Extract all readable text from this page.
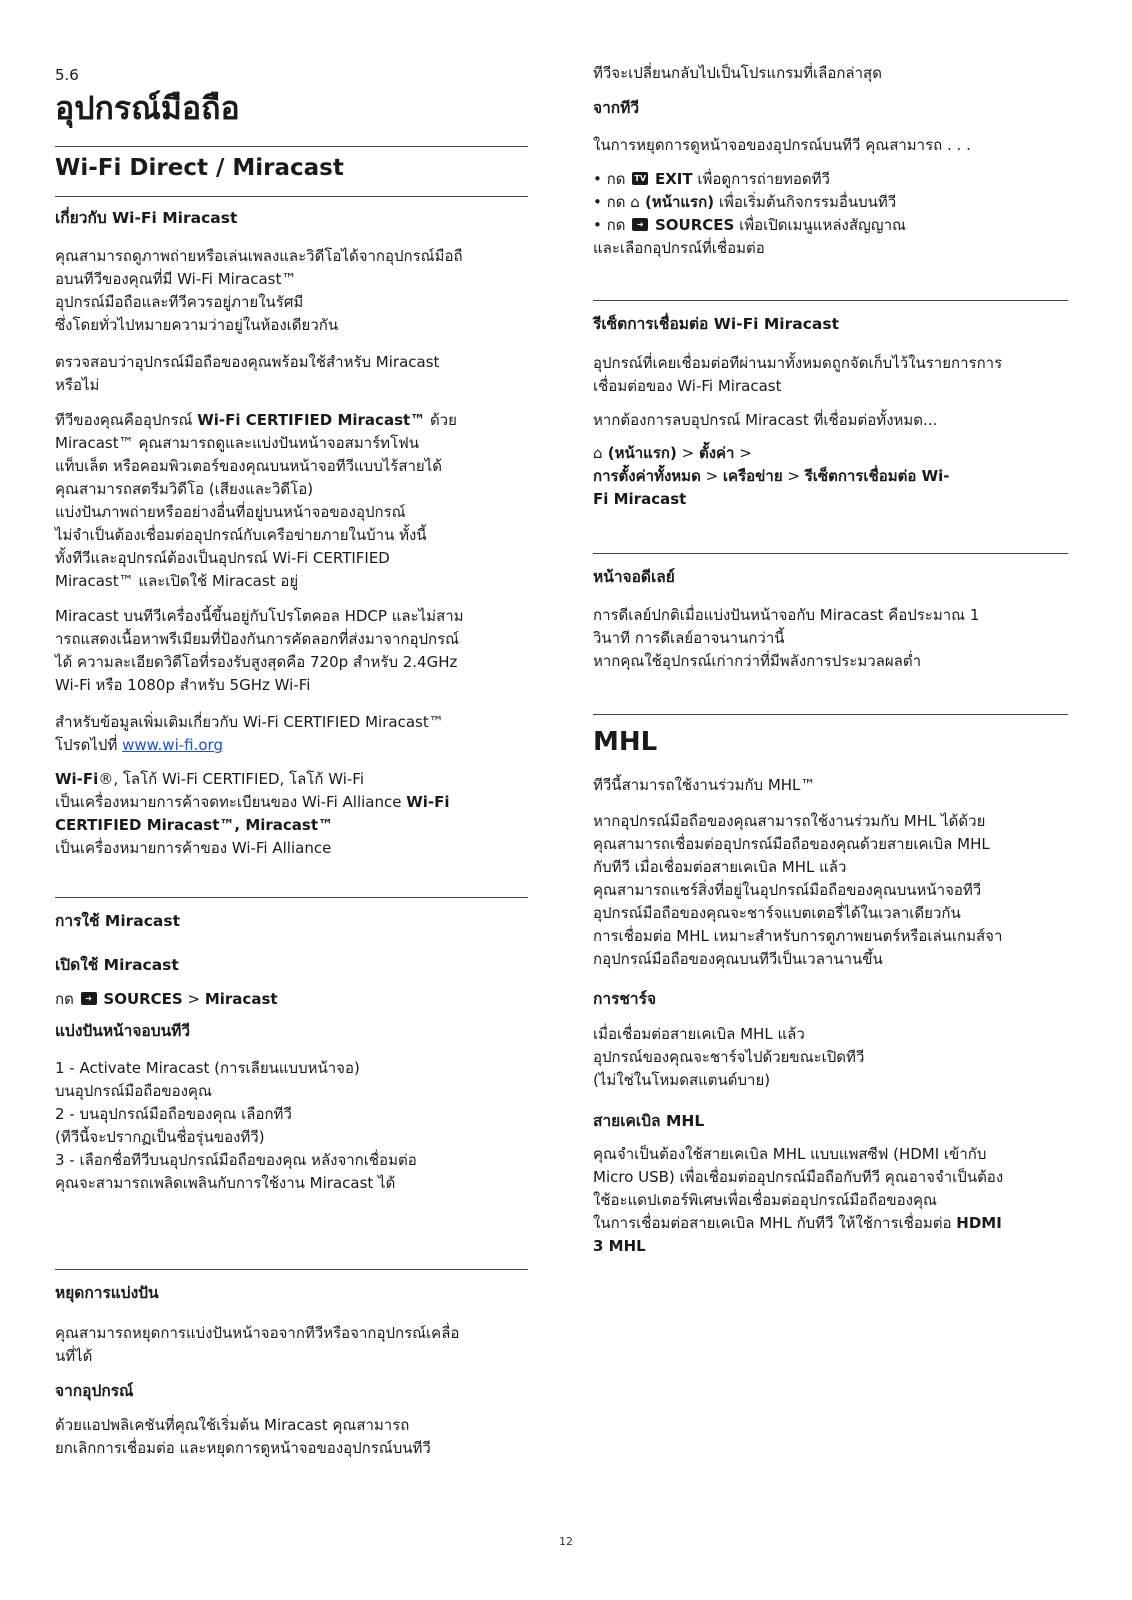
5.6
อุปกรณ์มือถือ
Wi-Fi Direct / Miracast
เกี่ยวกับ Wi-Fi Miracast

คุณสามารถดูภาพถ่ายหรือเล่นเพลงและวิดีโอได้จากอุปกรณ์มือถื

อบนทีวีของคุณที่มี Wi-Fi Miracast™

อุปกรณ์มือถือและทีวีควรอยู่ภายในรัศมี

ซึ่งโดยทั่วไปหมายความว่าอยู่ในห้องเดียวกัน

ตรวจสอบว่าอุปกรณ์มือถือของคุณพร้อมใช้สำหรับ Miracast

หรือไม่

ทีวีของคุณคืออุปกรณ์ Wi-Fi CERTIFIED Miracast™ ด้วย

Miracast™ คุณสามารถดูและแบ่งปันหน้าจอสมาร์ทโฟน

แท็บเล็ต หรือคอมพิวเตอร์ของคุณบนหน้าจอทีวีแบบไร้สายได้

คุณสามารถสตรีมวิดีโอ (เสียงและวิดีโอ)

แบ่งปันภาพถ่ายหรืออย่างอื่นที่อยู่บนหน้าจอของอุปกรณ์

ไม่จำเป็นต้องเชื่อมต่ออุปกรณ์กับเครือข่ายภายในบ้าน ทั้งนี้

ทั้งทีวีและอุปกรณ์ต้องเป็นอุปกรณ์ Wi-Fi CERTIFIED

Miracast™ และเปิดใช้ Miracast อยู่

Miracast บนทีวีเครื่องนี้ขึ้นอยู่กับโปรโตคอล HDCP และไม่สาม

ารถแสดงเนื้อหาพรีเมียมที่ป้องกันการคัดลอกที่ส่งมาจากอุปกรณ์

ได้ ความละเอียดวิดีโอที่รองรับสูงสุดคือ 720p สำหรับ 2.4GHz

Wi-Fi หรือ 1080p สำหรับ 5GHz Wi-Fi

สำหรับข้อมูลเพิ่มเติมเกี่ยวกับ Wi-Fi CERTIFIED Miracast™

โปรดไปที่ www.wi-fi.org

Wi-Fi®, โลโก้ Wi-Fi CERTIFIED, โลโก้ Wi-Fi

เป็นเครื่องหมายการค้าจดทะเบียนของ Wi-Fi Alliance Wi-Fi

CERTIFIED Miracast™, Miracast™

เป็นเครื่องหมายการค้าของ Wi-Fi Alliance

การใช้ Miracast
เปิดใช้ Miracast

กด ➜ SOURCES > Miracast

แบ่งปันหน้าจอบนทีวี

1 - Activate Miracast (การเลียนแบบหน้าจอ)

บนอุปกรณ์มือถือของคุณ

2 - บนอุปกรณ์มือถือของคุณ เลือกทีวี

(ทีวีนี้จะปรากฏเป็นชื่อรุ่นของทีวี)

3 - เลือกชื่อทีวีบนอุปกรณ์มือถือของคุณ หลังจากเชื่อมต่อ

คุณจะสามารถเพลิดเพลินกับการใช้งาน Miracast ได้

หยุดการแบ่งปัน

คุณสามารถหยุดการแบ่งปันหน้าจอจากทีวีหรือจากอุปกรณ์เคลื่อ

นที่ได้

จากอุปกรณ์

ด้วยแอปพลิเคชันที่คุณใช้เริ่มต้น Miracast คุณสามารถ

ยกเลิกการเชื่อมต่อ และหยุดการดูหน้าจอของอุปกรณ์บนทีวี

ทีวีจะเปลี่ยนกลับไปเป็นโปรแกรมที่เลือกล่าสุด

จากทีวี

ในการหยุดการดูหน้าจอของอุปกรณ์บนทีวี คุณสามารถ . . .

• กด TV EXIT เพื่อดูการถ่ายทอดทีวี

• กด ⌂ (หน้าแรก) เพื่อเริ่มต้นกิจกรรมอื่นบนทีวี

• กด ➜ SOURCES เพื่อเปิดเมนูแหล่งสัญญาณ

และเลือกอุปกรณ์ที่เชื่อมต่อ

รีเซ็ตการเชื่อมต่อ Wi-Fi Miracast

อุปกรณ์ที่เคยเชื่อมต่อทีผ่านมาทั้งหมดถูกจัดเก็บไว้ในรายการการ

เชื่อมต่อของ Wi-Fi Miracast

หากต้องการลบอุปกรณ์ Miracast ที่เชื่อมต่อทั้งหมด...

⌂ (หน้าแรก) > ตั้งค่า >

การตั้งค่าทั้งหมด > เครือข่าย > รีเซ็ตการเชื่อมต่อ Wi-

Fi Miracast

หน้าจอดีเลย์

การดีเลย์ปกติเมื่อแบ่งปันหน้าจอกับ Miracast คือประมาณ 1

วินาที การดีเลย์อาจนานกว่านี้

หากคุณใช้อุปกรณ์เก่ากว่าที่มีพลังการประมวลผลต่ำ

MHL

ทีวีนี้สามารถใช้งานร่วมกับ MHL™

หากอุปกรณ์มือถือของคุณสามารถใช้งานร่วมกับ MHL ได้ด้วย

คุณสามารถเชื่อมต่ออุปกรณ์มือถือของคุณด้วยสายเคเบิล MHL

กับทีวี เมื่อเชื่อมต่อสายเคเบิล MHL แล้ว

คุณสามารถแชร์สิ่งที่อยู่ในอุปกรณ์มือถือของคุณบนหน้าจอทีวี

อุปกรณ์มือถือของคุณจะชาร์จแบตเตอรี่ได้ในเวลาเดียวกัน

การเชื่อมต่อ MHL เหมาะสำหรับการดูภาพยนตร์หรือเล่นเกมส์จา

กอุปกรณ์มือถือของคุณบนทีวีเป็นเวลานานขึ้น

การชาร์จ

เมื่อเชื่อมต่อสายเคเบิล MHL แล้ว

อุปกรณ์ของคุณจะชาร์จไปด้วยขณะเปิดทีวี

(ไม่ใช่ในโหมดสแตนด์บาย)

สายเคเบิล MHL

คุณจำเป็นต้องใช้สายเคเบิล MHL แบบแพสซีฟ (HDMI เข้ากับ

Micro USB) เพื่อเชื่อมต่ออุปกรณ์มือถือกับทีวี คุณอาจจำเป็นต้อง

ใช้อะแดปเตอร์พิเศษเพื่อเชื่อมต่ออุปกรณ์มือถือของคุณ

ในการเชื่อมต่อสายเคเบิล MHL กับทีวี ให้ใช้การเชื่อมต่อ HDMI

3 MHL

12
